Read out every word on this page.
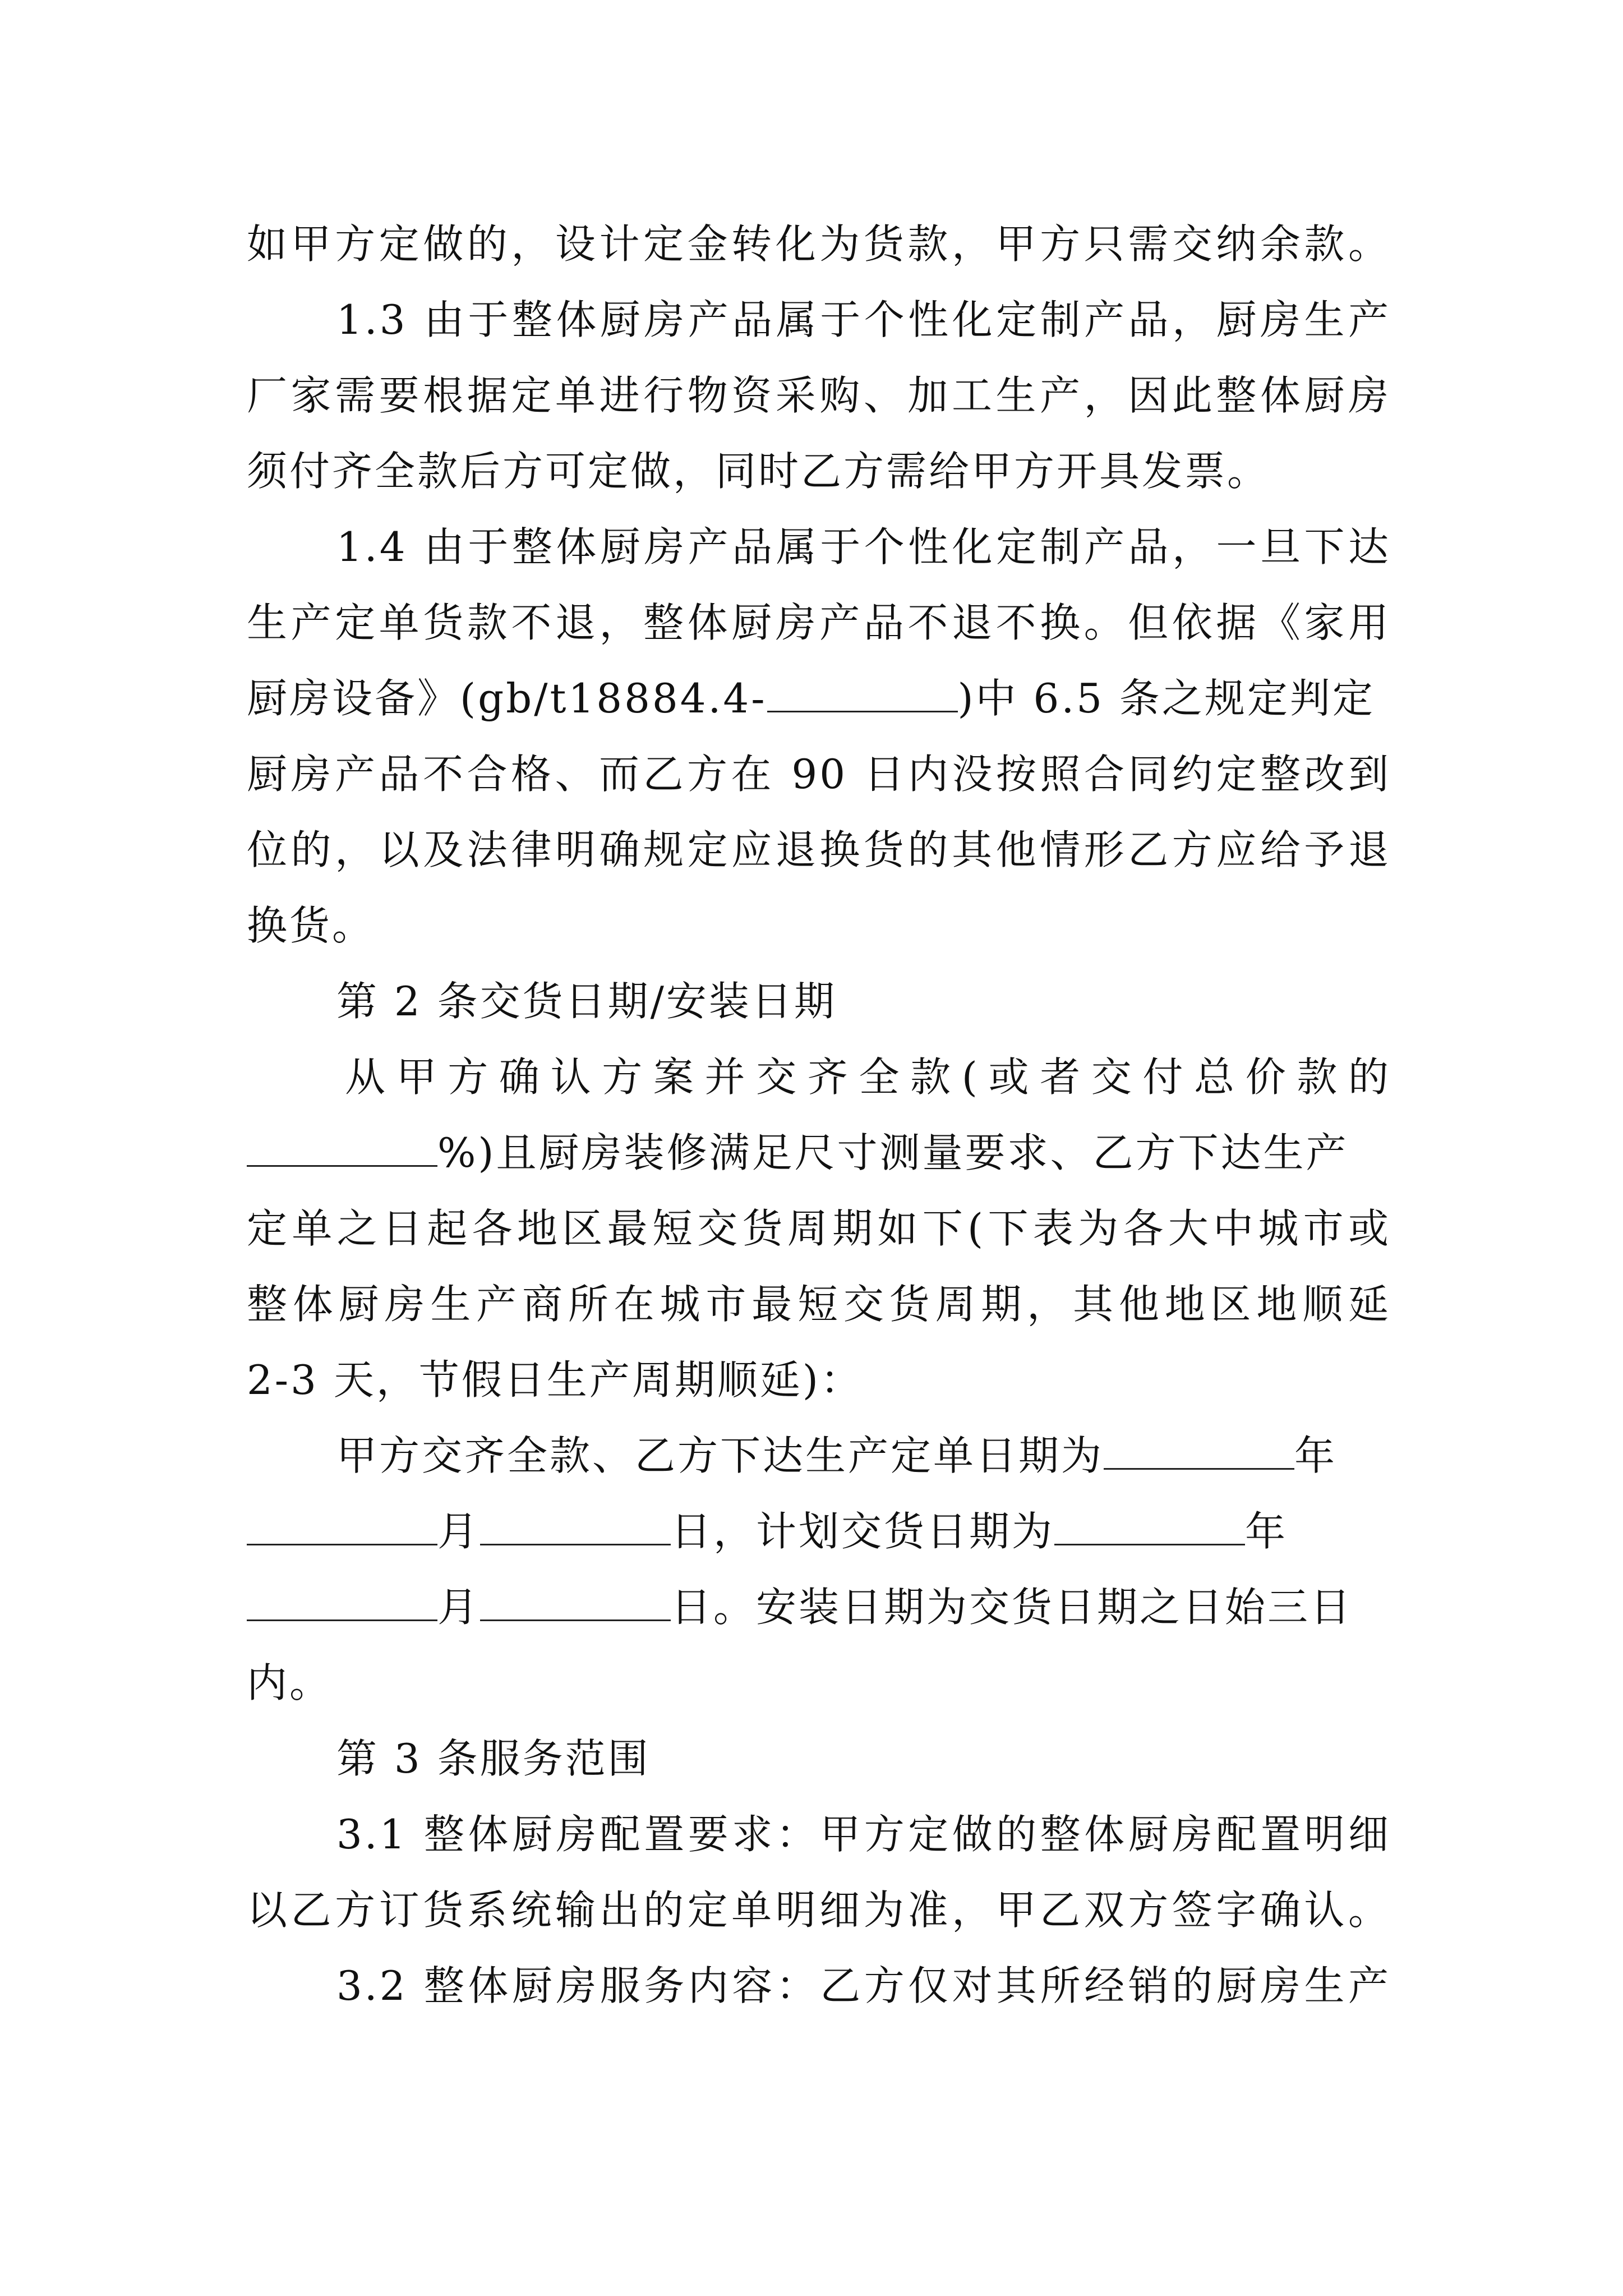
如甲方定做的，设计定金转化为货款，甲方只需交纳余款。
1.3 由于整体厨房产品属于个性化定制产品，厨房生产
厂家需要根据定单进行物资采购、加工生产，因此整体厨房
须付齐全款后方可定做，同时乙方需给甲方开具发票。
1.4 由于整体厨房产品属于个性化定制产品，一旦下达
生产定单货款不退，整体厨房产品不退不换。但依据《家用
厨房设备》(gb/t18884.4-	)中 6.5 条之规定判定
厨房产品不合格、而乙方在 90 日内没按照合同约定整改到
位的，以及法律明确规定应退换货的其他情形乙方应给予退
换货。
第 2 条交货日期/安装日期
从甲方确认方案并交齐全款(或者交付总价款的
%)且厨房装修满足尺寸测量要求、乙方下达生产
定单之日起各地区最短交货周期如下(下表为各大中城市或
整体厨房生产商所在城市最短交货周期，其他地区地顺延
2-3 天，节假日生产周期顺延)：
甲方交齐全款、乙方下达生产定单日期为	年
月	日，计划交货日期为	年
月	日。安装日期为交货日期之日始三日
内。
第 3 条服务范围
3.1 整体厨房配置要求：甲方定做的整体厨房配置明细
以乙方订货系统输出的定单明细为准，甲乙双方签字确认。
3.2 整体厨房服务内容：乙方仅对其所经销的厨房生产
